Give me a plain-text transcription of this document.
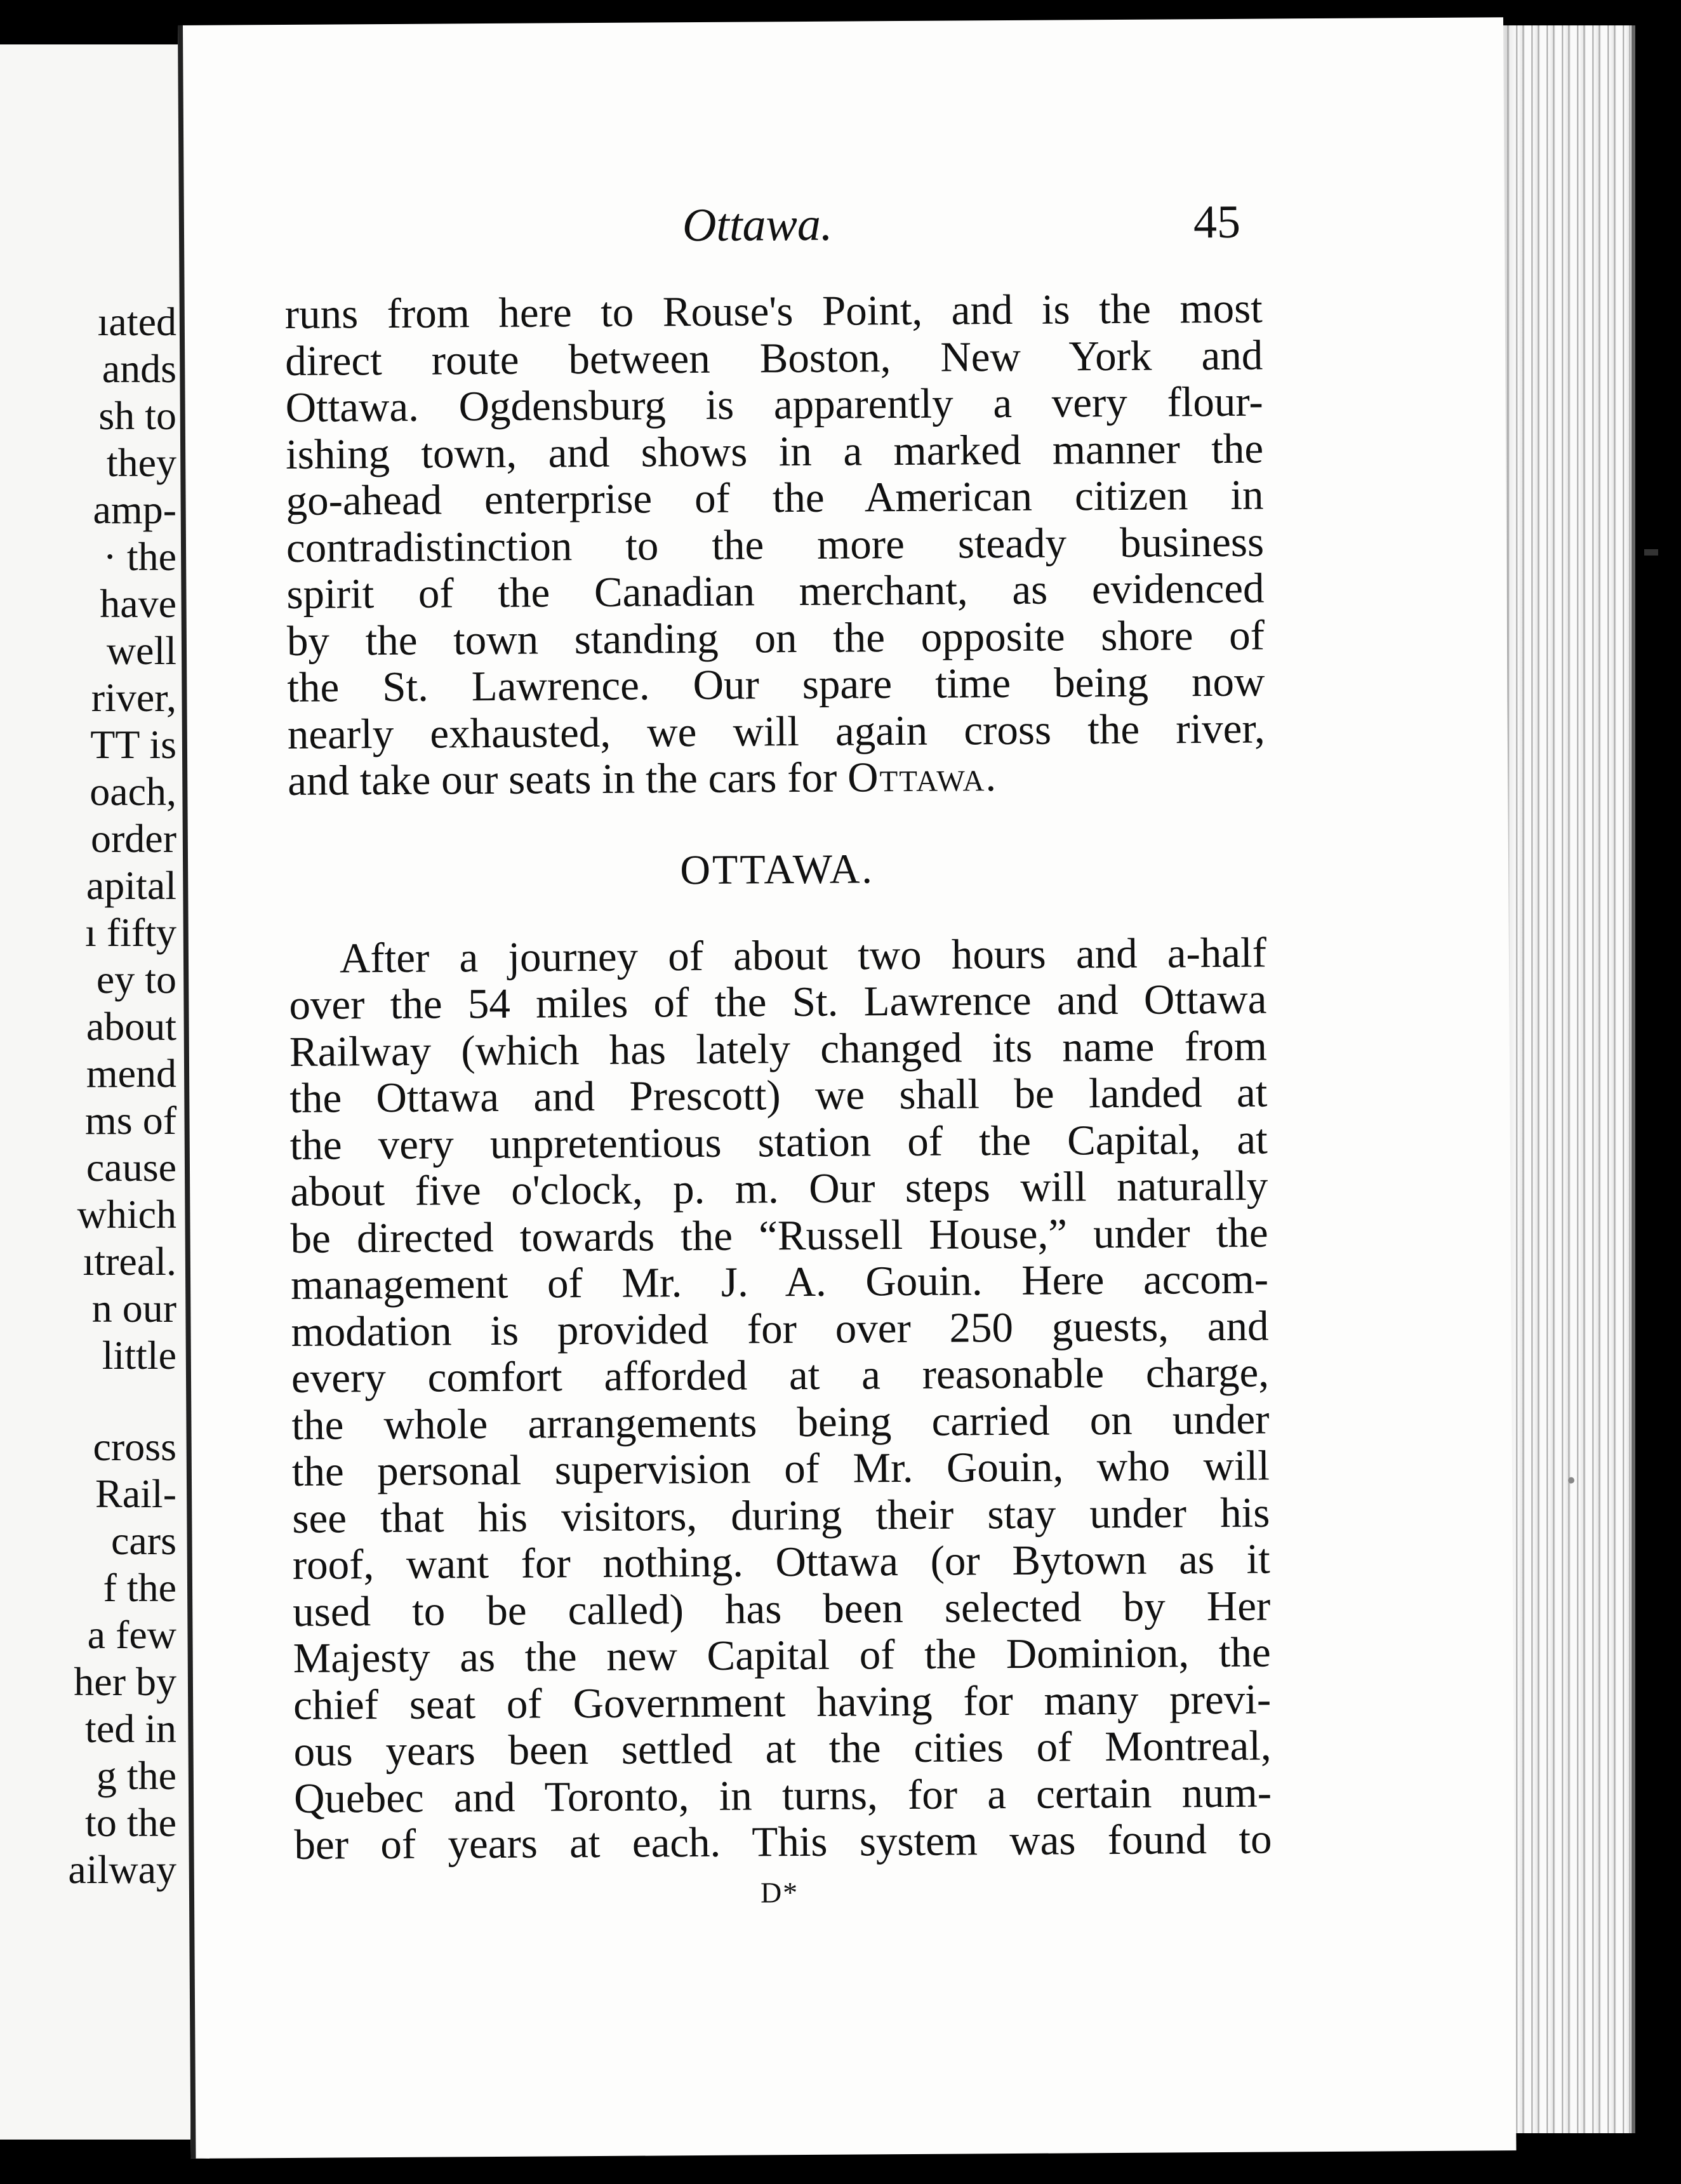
ıated
ands
sh to
they
amp-
· the
have
well
river,
TT is
oach,
order
apital
ı fifty
ey to
about
mend
ms of
cause
which
ıtreal.
n our
little
cross
Rail-
cars
f the
a few
her by
ted in
g the
to the
ailway
Ottawa.	45
runs from here to Rouse's Point, and is the most
direct route between Boston, New York and
Ottawa. Ogdensburg is apparently a very flour-
ishing town, and shows in a marked manner the
go-ahead enterprise of the American citizen in
contradistinction to the more steady business
spirit of the Canadian merchant, as evidenced
by the town standing on the opposite shore of
the St. Lawrence. Our spare time being now
nearly exhausted, we will again cross the river,
and take our seats in the cars for Ottawa.
OTTAWA.
After a journey of about two hours and a-half
over the 54 miles of the St. Lawrence and Ottawa
Railway (which has lately changed its name from
the Ottawa and Prescott) we shall be landed at
the very unpretentious station of the Capital, at
about five o'clock, p. m. Our steps will naturally
be directed towards the “Russell House,” under the
management of Mr. J. A. Gouin. Here accom-
modation is provided for over 250 guests, and
every comfort afforded at a reasonable charge,
the whole arrangements being carried on under
the personal supervision of Mr. Gouin, who will
see that his visitors, during their stay under his
roof, want for nothing. Ottawa (or Bytown as it
used to be called) has been selected by Her
Majesty as the new Capital of the Dominion, the
chief seat of Government having for many previ-
ous years been settled at the cities of Montreal,
Quebec and Toronto, in turns, for a certain num-
ber of years at each. This system was found to
D*
